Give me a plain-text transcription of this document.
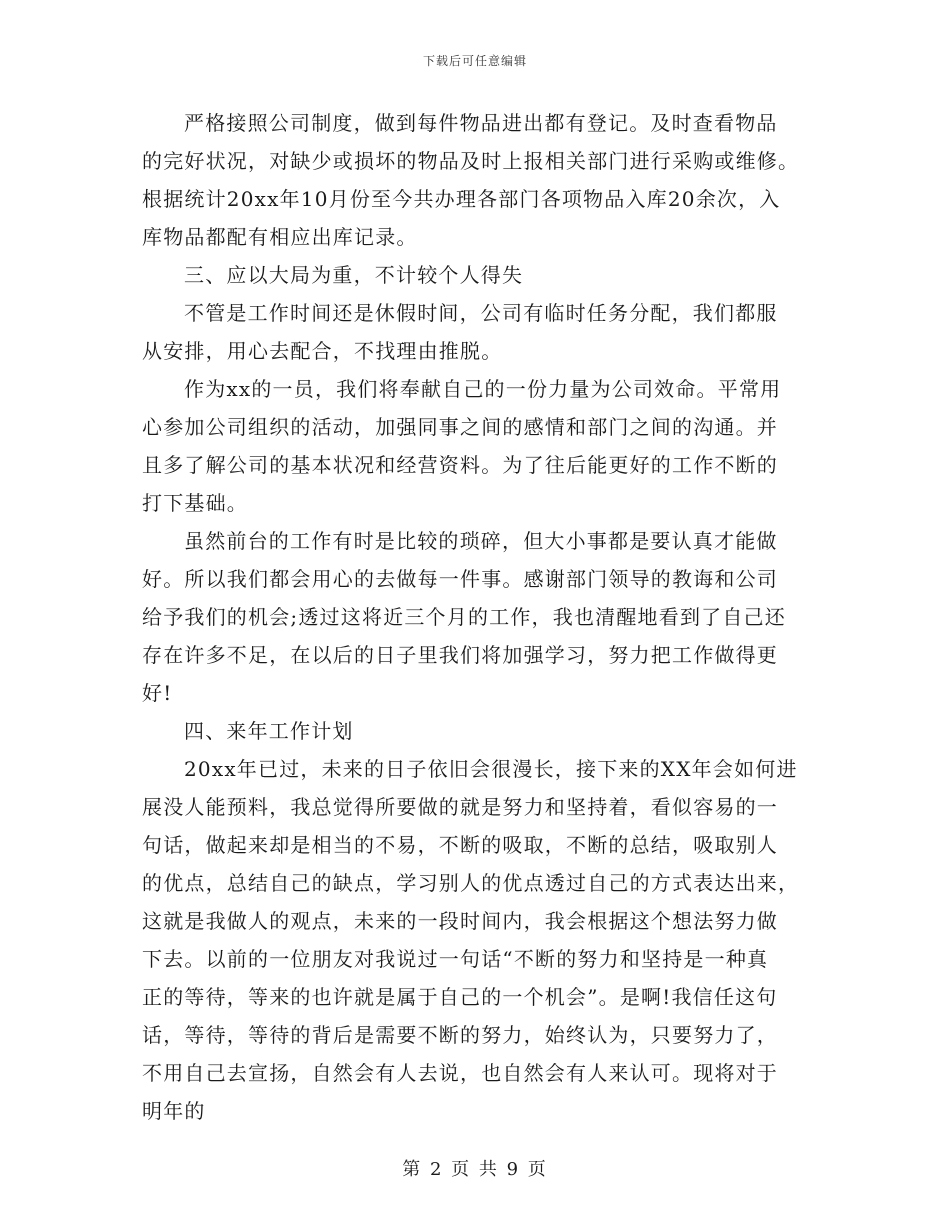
下载后可任意编辑
严格接照公司制度，做到每件物品进出都有登记。及时查看物品
的完好状况，对缺少或损坏的物品及时上报相关部门进行采购或维修。
根据统计20xx年10月份至今共办理各部门各项物品入库20余次，入
库物品都配有相应出库记录。
三、应以大局为重，不计较个人得失
不管是工作时间还是休假时间，公司有临时任务分配，我们都服
从安排，用心去配合，不找理由推脱。
作为xx的一员，我们将奉献自己的一份力量为公司效命。平常用
心参加公司组织的活动，加强同事之间的感情和部门之间的沟通。并
且多了解公司的基本状况和经营资料。为了往后能更好的工作不断的
打下基础。
虽然前台的工作有时是比较的琐碎，但大小事都是要认真才能做
好。所以我们都会用心的去做每一件事。感谢部门领导的教诲和公司
给予我们的机会;透过这将近三个月的工作，我也清醒地看到了自己还
存在许多不足，在以后的日子里我们将加强学习，努力把工作做得更
好!
四、来年工作计划
20xx年已过，未来的日子依旧会很漫长，接下来的XX年会如何进
展没人能预料，我总觉得所要做的就是努力和坚持着，看似容易的一
句话，做起来却是相当的不易，不断的吸取，不断的总结，吸取别人
的优点，总结自己的缺点，学习别人的优点透过自己的方式表达出来，
这就是我做人的观点，未来的一段时间内，我会根据这个想法努力做
下去。以前的一位朋友对我说过一句话“不断的努力和坚持是一种真
正的等待，等来的也许就是属于自己的一个机会”。是啊!我信任这句
话，等待，等待的背后是需要不断的努力，始终认为，只要努力了，
不用自己去宣扬，自然会有人去说，也自然会有人来认可。现将对于
明年的
第 2 页 共 9 页
